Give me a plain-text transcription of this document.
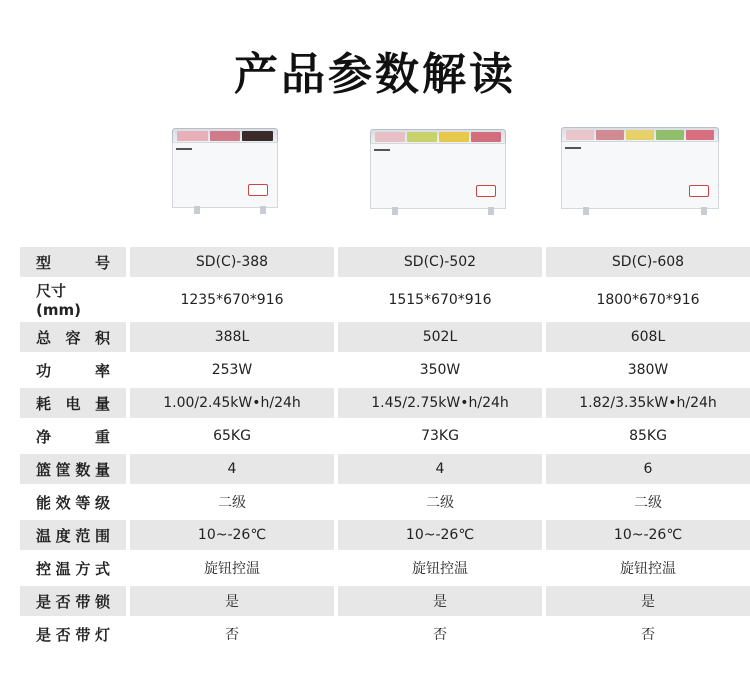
产品参数解读
型 号		SD(C)-388		SD(C)-502		SD(C)-608

尺寸(mm)		1235*670*916		1515*670*916		1800*670*916

总 容 积		388L		502L		608L

功 率		253W		350W		380W

耗 电 量		1.00/2.45kW•h/24h		1.45/2.75kW•h/24h		1.82/3.35kW•h/24h

净 重		65KG		73KG		85KG

篮 筐 数 量		4		4		6

能 效 等 级		二级		二级		二级

温 度 范 围		10~-26℃		10~-26℃		10~-26℃

控 温 方 式		旋钮控温		旋钮控温		旋钮控温

是 否 带 锁		是		是		是

是 否 带 灯		否		否		否
